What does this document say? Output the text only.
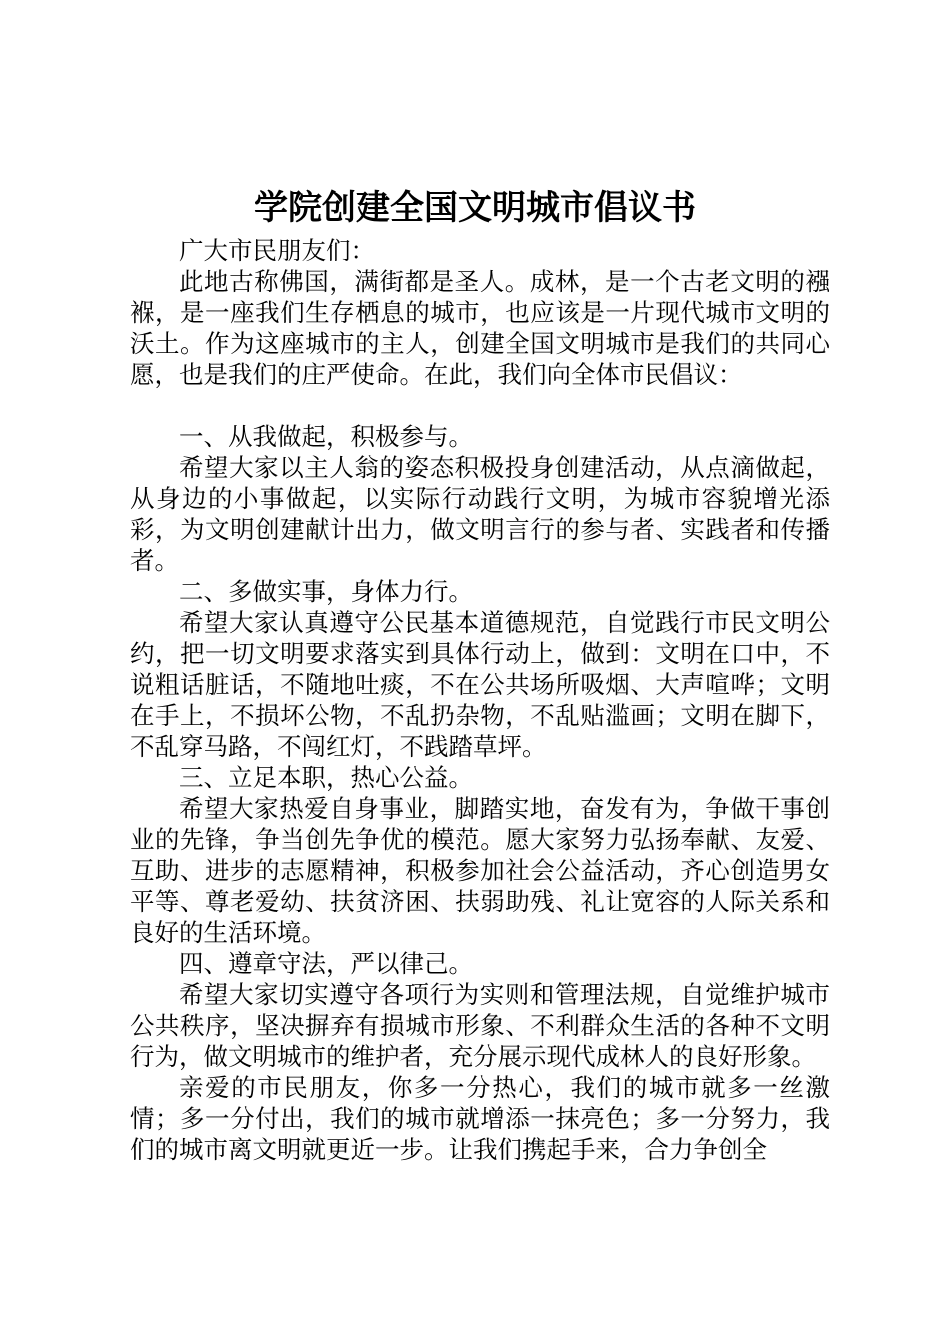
学院创建全国文明城市倡议书

广大市民朋友们：

此地古称佛国，满街都是圣人。成林，是一个古老文明的襁褓，是一座我们生存栖息的城市，也应该是一片现代城市文明的沃土。作为这座城市的主人，创建全国文明城市是我们的共同心愿，也是我们的庄严使命。在此，我们向全体市民倡议：

一、从我做起，积极参与。

希望大家以主人翁的姿态积极投身创建活动，从点滴做起，从身边的小事做起，以实际行动践行文明，为城市容貌增光添彩，为文明创建献计出力，做文明言行的参与者、实践者和传播者。

二、多做实事，身体力行。

希望大家认真遵守公民基本道德规范，自觉践行市民文明公约，把一切文明要求落实到具体行动上，做到：文明在口中，不说粗话脏话，不随地吐痰，不在公共场所吸烟、大声喧哗；文明在手上，不损坏公物，不乱扔杂物，不乱贴滥画；文明在脚下，不乱穿马路，不闯红灯，不践踏草坪。

三、立足本职，热心公益。

希望大家热爱自身事业，脚踏实地，奋发有为，争做干事创业的先锋，争当创先争优的模范。愿大家努力弘扬奉献、友爱、互助、进步的志愿精神，积极参加社会公益活动，齐心创造男女平等、尊老爱幼、扶贫济困、扶弱助残、礼让宽容的人际关系和良好的生活环境。

四、遵章守法，严以律己。

希望大家切实遵守各项行为实则和管理法规，自觉维护城市公共秩序，坚决摒弃有损城市形象、不利群众生活的各种不文明行为，做文明城市的维护者，充分展示现代成林人的良好形象。

亲爱的市民朋友，你多一分热心，我们的城市就多一丝激情；多一分付出，我们的城市就增添一抹亮色；多一分努力，我们的城市离文明就更近一步。让我们携起手来，合力争创全
